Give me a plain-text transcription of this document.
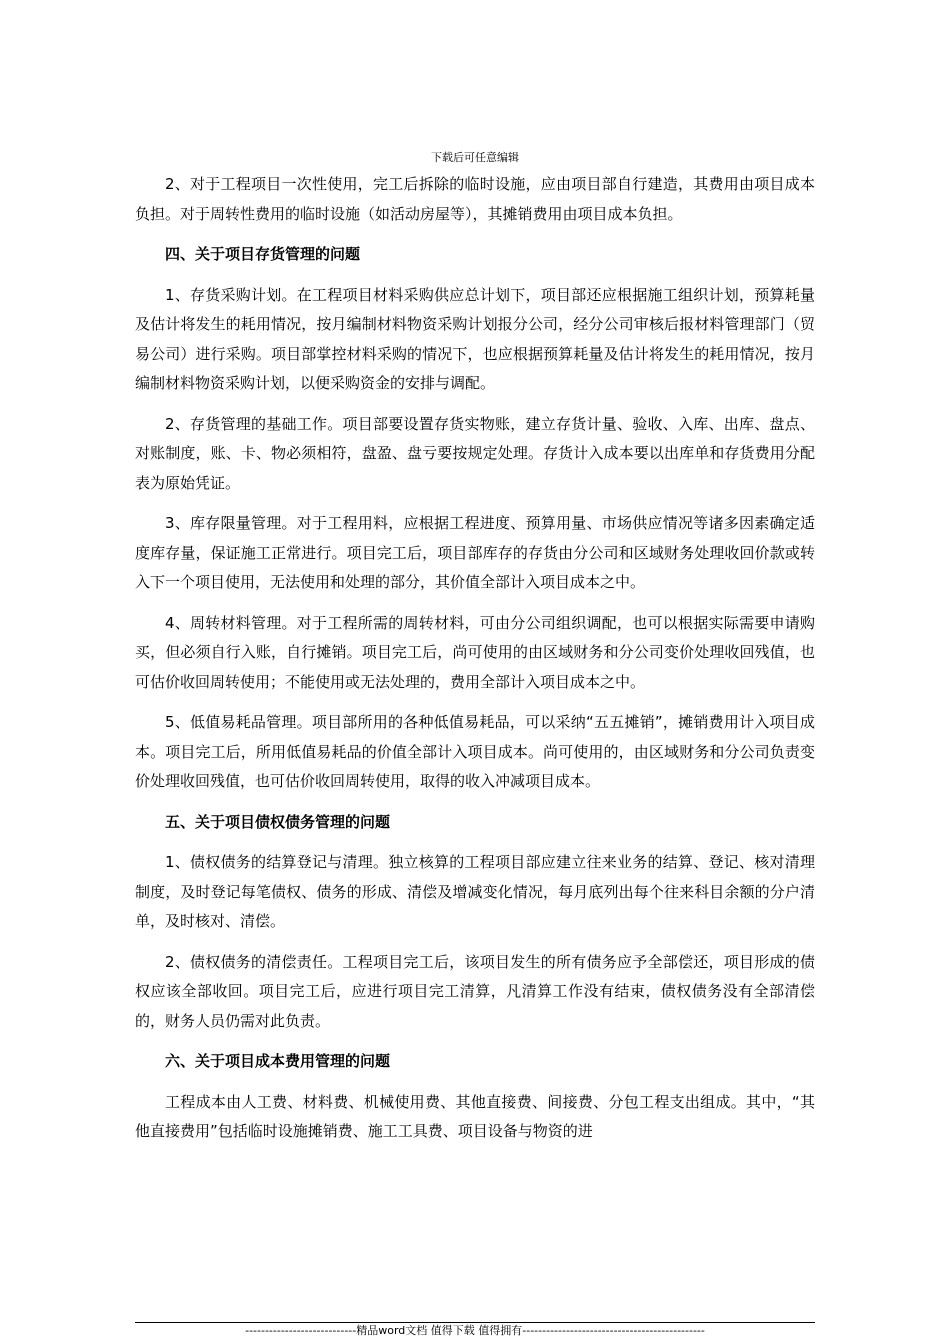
下载后可任意编辑

2、对于工程项目一次性使用，完工后拆除的临时设施，应由项目部自行建造，其费用由项目成本负担。对于周转性费用的临时设施（如活动房屋等），其摊销费用由项目成本负担。

四、关于项目存货管理的问题

1、存货采购计划。在工程项目材料采购供应总计划下，项目部还应根据施工组织计划，预算耗量及估计将发生的耗用情况，按月编制材料物资采购计划报分公司，经分公司审核后报材料管理部门（贸易公司）进行采购。项目部掌控材料采购的情况下，也应根据预算耗量及估计将发生的耗用情况，按月编制材料物资采购计划，以便采购资金的安排与调配。

2、存货管理的基础工作。项目部要设置存货实物账，建立存货计量、验收、入库、出库、盘点、对账制度，账、卡、物必须相符，盘盈、盘亏要按规定处理。存货计入成本要以出库单和存货费用分配表为原始凭证。

3、库存限量管理。对于工程用料，应根据工程进度、预算用量、市场供应情况等诸多因素确定适度库存量，保证施工正常进行。项目完工后，项目部库存的存货由分公司和区域财务处理收回价款或转入下一个项目使用，无法使用和处理的部分，其价值全部计入项目成本之中。

4、周转材料管理。对于工程所需的周转材料，可由分公司组织调配，也可以根据实际需要申请购买，但必须自行入账，自行摊销。项目完工后，尚可使用的由区域财务和分公司变价处理收回残值，也可估价收回周转使用；不能使用或无法处理的，费用全部计入项目成本之中。

5、低值易耗品管理。项目部所用的各种低值易耗品，可以采纳“五五摊销”，摊销费用计入项目成本。项目完工后，所用低值易耗品的价值全部计入项目成本。尚可使用的，由区域财务和分公司负责变价处理收回残值，也可估价收回周转使用，取得的收入冲减项目成本。

五、关于项目债权债务管理的问题

1、债权债务的结算登记与清理。独立核算的工程项目部应建立往来业务的结算、登记、核对清理制度，及时登记每笔债权、债务的形成、清偿及增减变化情况，每月底列出每个往来科目余额的分户清单，及时核对、清偿。

2、债权债务的清偿责任。工程项目完工后，该项目发生的所有债务应予全部偿还，项目形成的债权应该全部收回。项目完工后，应进行项目完工清算，凡清算工作没有结束，债权债务没有全部清偿的，财务人员仍需对此负责。

六、关于项目成本费用管理的问题

工程成本由人工费、材料费、机械使用费、其他直接费、间接费、分包工程支出组成。其中，“其他直接费用”包括临时设施摊销费、施工工具费、项目设备与物资的进

----------------------------精品word文档 值得下载 值得拥有----------------------------------------------
